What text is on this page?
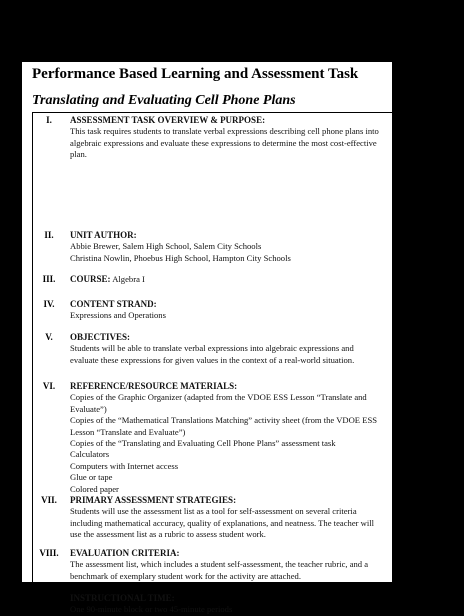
Performance Based Learning and Assessment Task
Translating and Evaluating Cell Phone Plans
I.	ASSESSMENT TASK OVERVIEW & PURPOSE:
This task requires students to translate verbal expressions describing cell phone plans into
algebraic expressions and evaluate these expressions to determine the most cost-effective
plan.
II.	UNIT AUTHOR:
Abbie Brewer, Salem High School, Salem City Schools
Christina Nowlin, Phoebus High School, Hampton City Schools
III.	COURSE: Algebra I
IV.	CONTENT STRAND:
Expressions and Operations
V.	OBJECTIVES:
Students will be able to translate verbal expressions into algebraic expressions and
evaluate these expressions for given values in the context of a real-world situation.
VI.	REFERENCE/RESOURCE MATERIALS:
Copies of the Graphic Organizer (adapted from the VDOE ESS Lesson “Translate and
Evaluate”)
Copies of the “Mathematical Translations Matching” activity sheet (from the VDOE ESS
Lesson “Translate and Evaluate”)
Copies of the “Translating and Evaluating Cell Phone Plans” assessment task
Calculators
Computers with Internet access
Glue or tape
Colored paper
VII.	PRIMARY ASSESSMENT STRATEGIES:
Students will use the assessment list as a tool for self-assessment on several criteria
including mathematical accuracy, quality of explanations, and neatness. The teacher will
use the assessment list as a rubric to assess student work.
VIII. EVALUATION CRITERIA:
The assessment list, which includes a student self-assessment, the teacher rubric, and a
benchmark of exemplary student work for the activity are attached.
IX.	INSTRUCTIONAL TIME:
One 90-minute block or two 45-minute periods
